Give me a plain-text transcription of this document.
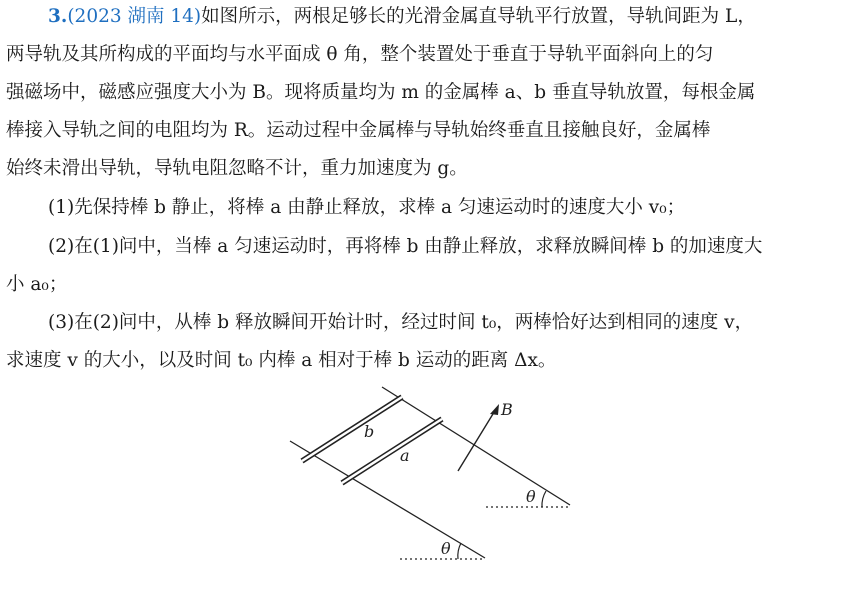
3.(2023 湖南 14)如图所示，两根足够长的光滑金属直导轨平行放置，导轨间距为 L，
两导轨及其所构成的平面均与水平面成 θ 角，整个装置处于垂直于导轨平面斜向上的匀
强磁场中，磁感应强度大小为 B。现将质量均为 m 的金属棒 a、b 垂直导轨放置，每根金属
棒接入导轨之间的电阻均为 R。运动过程中金属棒与导轨始终垂直且接触良好，金属棒
始终未滑出导轨，导轨电阻忽略不计，重力加速度为 g。
(1)先保持棒 b 静止，将棒 a 由静止释放，求棒 a 匀速运动时的速度大小 v₀；
(2)在(1)问中，当棒 a 匀速运动时，再将棒 b 由静止释放，求释放瞬间棒 b 的加速度大
小 a₀；
(3)在(2)问中，从棒 b 释放瞬间开始计时，经过时间 t₀，两棒恰好达到相同的速度 v，
求速度 v 的大小，以及时间 t₀ 内棒 a 相对于棒 b 运动的距离 Δx。
b
a
B
θ
θ
